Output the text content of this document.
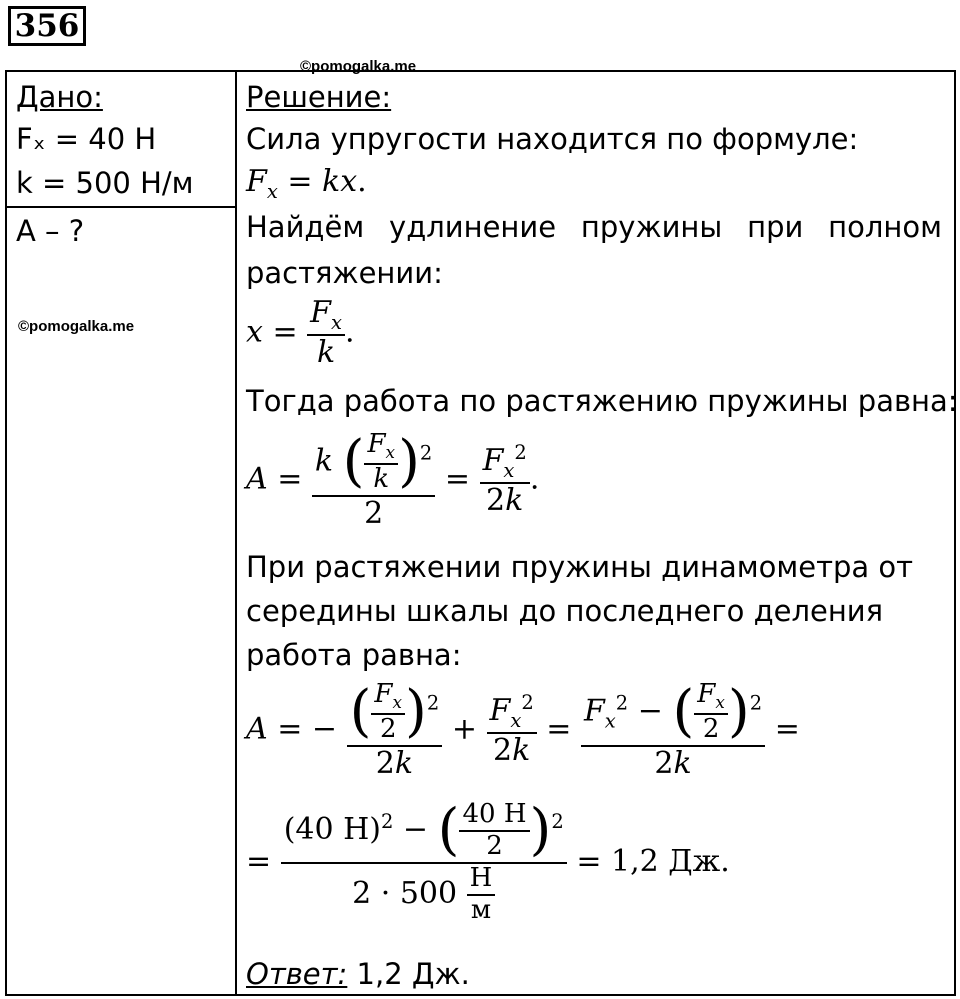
356
©pomogalka.me
Дано:
Fₓ = 40 Н
k = 500 Н/м
A – ?
©pomogalka.me
Решение:
Сила упругости находится по формуле:
$F_x$ = kx.
Найдём удлинение пружины при полном
растяжении:
$x = \frac{F_x}{k}$ .
Тогда работа по растяжению пружины равна:
$A = \frac{k ( \frac{F_x}{k} )^2}{2} = \frac{F_x^2}{2k}$ .
При растяжении пружины динамометра от
середины шкалы до последнего деления
работа равна:
A = − $\frac{( \frac{F_x}{2} )^2}{2k} + \frac{F_x^2}{2k} = \frac{F_x^2 - ( \frac{F_x}{2} )^2}{2k}$ =
= $\frac{(40 Н)^2 - ( \frac{40 Н}{2} )^2}{2 \cdot 500 \frac{Н}{м}} = 1,2$ Дж.
Ответ: 1,2 Дж.
